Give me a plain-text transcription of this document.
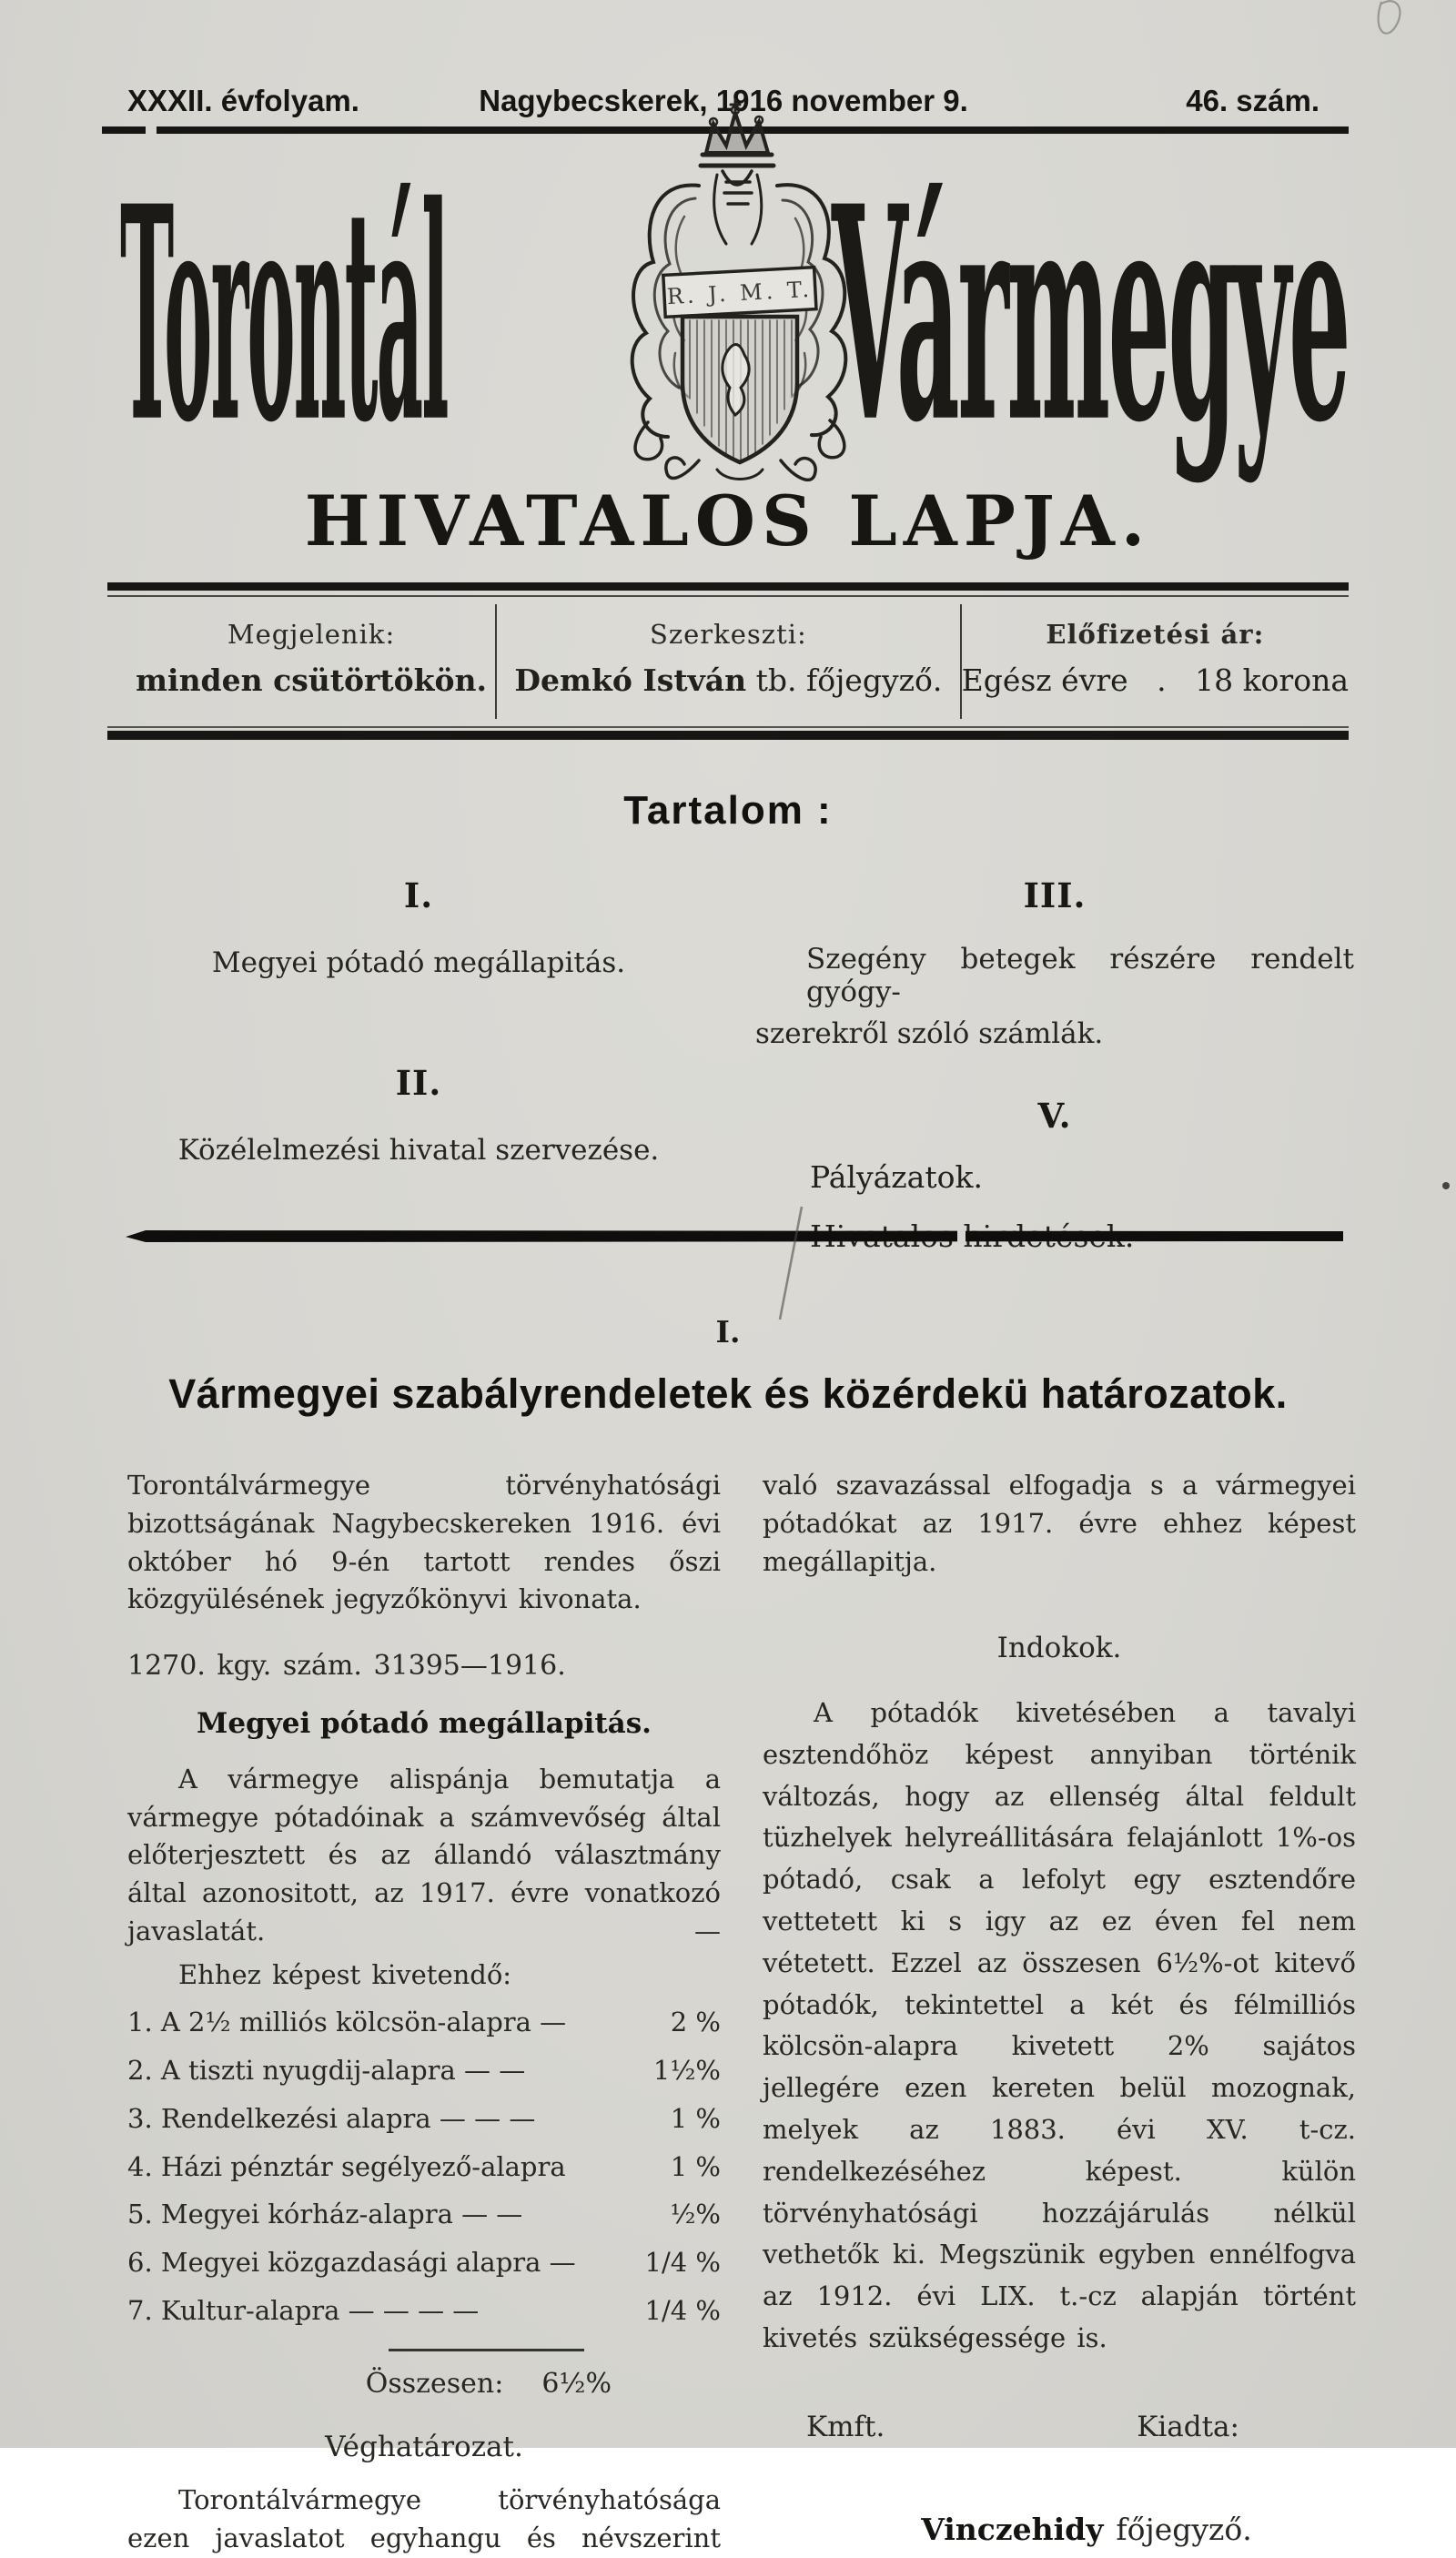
XXXII. évfolyam.	Nagybecskerek, 1916 november 9.	46. szám.
Torontál	R. J. M. T. Vármegye
HIVATALOS LAPJA.
Megjelenik:
minden csütörtökön.
Szerkeszti:
Demkó István tb. főjegyző.
Előfizetési ár:
Egész évre   .   18 korona
Tartalom :
I.
Megyei pótadó megállapitás.
II.
Közélelmezési hivatal szervezése.
III.
Szegény betegek részére rendelt gyógy-
szerekről szóló számlák.
V.
Pályázatok.
I.
Vármegyei szabályrendeletek és közérdekü határozatok.

Torontálvármegye törvényhatósági bizottságának Nagybecskereken 1916. évi október hó 9-én tartott rendes őszi közgyülésének jegyzőkönyvi kivonata.

1270. kgy. szám. 31395—1916.

Megyei pótadó megállapitás.

A vármegye alispánja bemutatja a vármegye pótadóinak a számvevőség által előterjesztett és az állandó választmány által azonositott, az 1917. évre vonatkozó javaslatát.	—

Ehhez képest kivetendő:

1. A 2½ milliós kölcsön-alapra —	2 %
2. A tiszti nyugdij-alapra — —	1½%
3. Rendelkezési alapra — — —	1 %
4. Házi pénztár segélyező-alapra	1 %
5. Megyei kórház-alapra — —	½%
6. Megyei közgazdasági alapra —	1/4 %
7. Kultur-alapra — — — —	1/4 %
Összesen: 6½%
Véghatározat.

Torontálvármegye törvényhatósága ezen javaslatot egyhangu és névszerint

való szavazással elfogadja s a vármegyei pótadókat az 1917. évre ehhez képest megállapitja.

Indokok.

A pótadók kivetésében a tavalyi esztendőhöz képest annyiban történik változás, hogy az ellenség által feldult tüzhelyek helyreállitására felajánlott 1%-os pótadó, csak a lefolyt egy esztendőre vettetett ki s igy az ez éven fel nem vétetett. Ezzel az összesen 6½%-ot kitevő pótadók, tekintettel a két és félmilliós kölcsön-alapra kivetett 2% sajátos jellegére ezen kereten belül mozognak, melyek az 1883. évi XV. t-cz. rendelkezéséhez képest. külön törvényhatósági hozzájárulás nélkül vethetők ki. Megszünik egyben ennélfogva az 1912. évi LIX. t.-cz alapján történt kivetés szükségessége is.

Kmft.	Kiadta:
Vinczehidy főjegyző.
